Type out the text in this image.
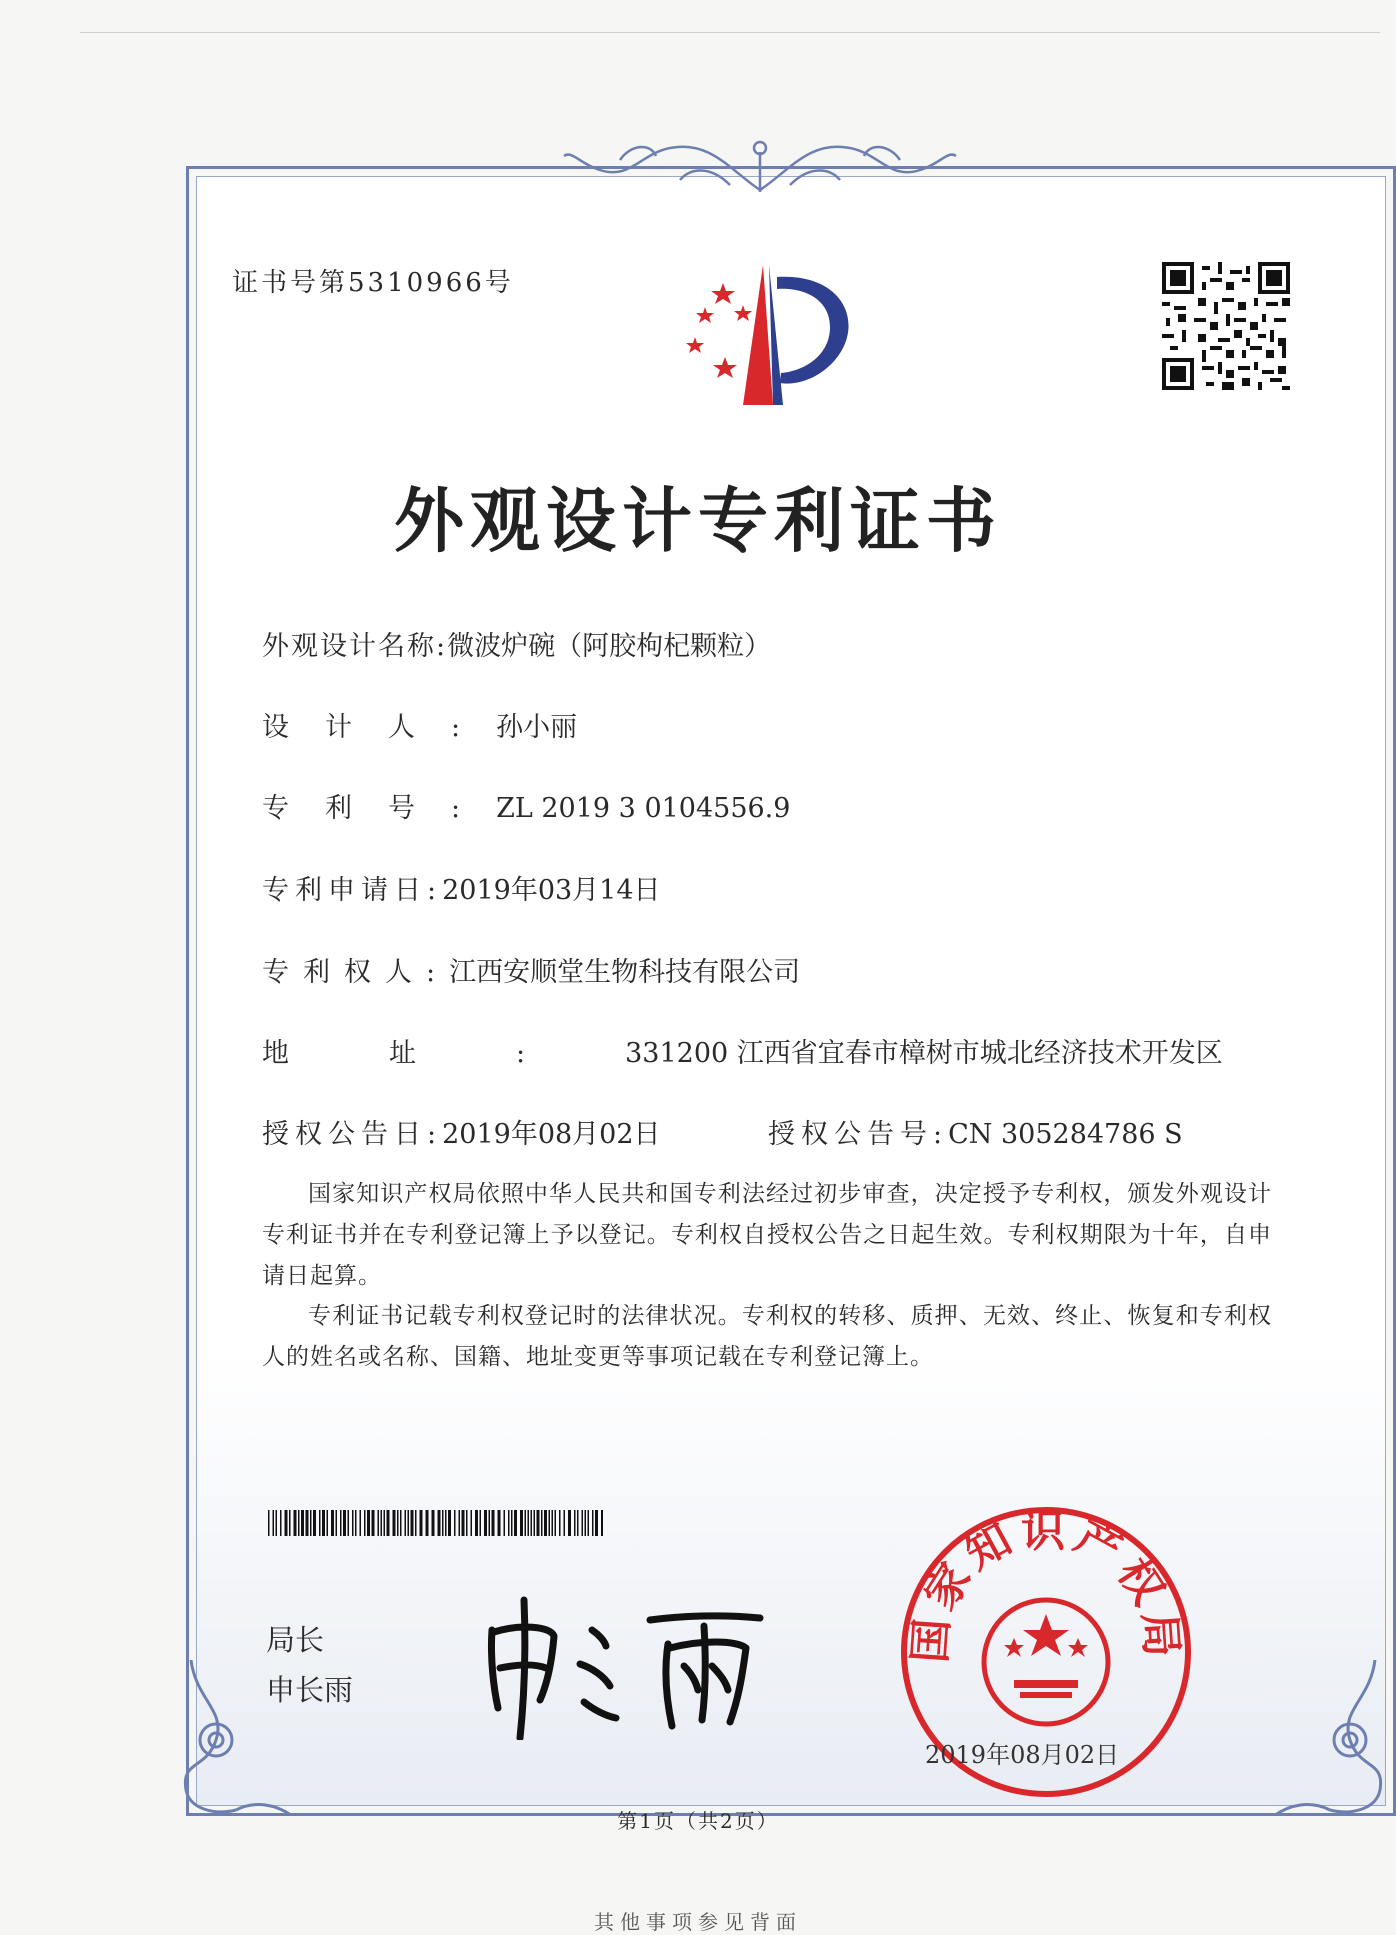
证书号第5310966号
外观设计专利证书
外观设计名称:微波炉碗（阿胶枸杞颗粒）
设计人:孙小丽
专利号:ZL 2019 3 0104556.9
专利申请日:2019年03月14日
专利权人:江西安顺堂生物科技有限公司
地址:331200 江西省宜春市樟树市城北经济技术开发区
授权公告日:2019年08月02日	授权公告号:CN 305284786 S
国家知识产权局依照中华人民共和国专利法经过初步审查，决定授予专利权，颁发外观设计专利证书并在专利登记簿上予以登记。专利权自授权公告之日起生效。专利权期限为十年，自申请日起算。
专利证书记载专利权登记时的法律状况。专利权的转移、质押、无效、终止、恢复和专利权人的姓名或名称、国籍、地址变更等事项记载在专利登记簿上。
局长
申长雨
国家知识产权局
2019年08月02日
第1页（共2页）
其他事项参见背面
